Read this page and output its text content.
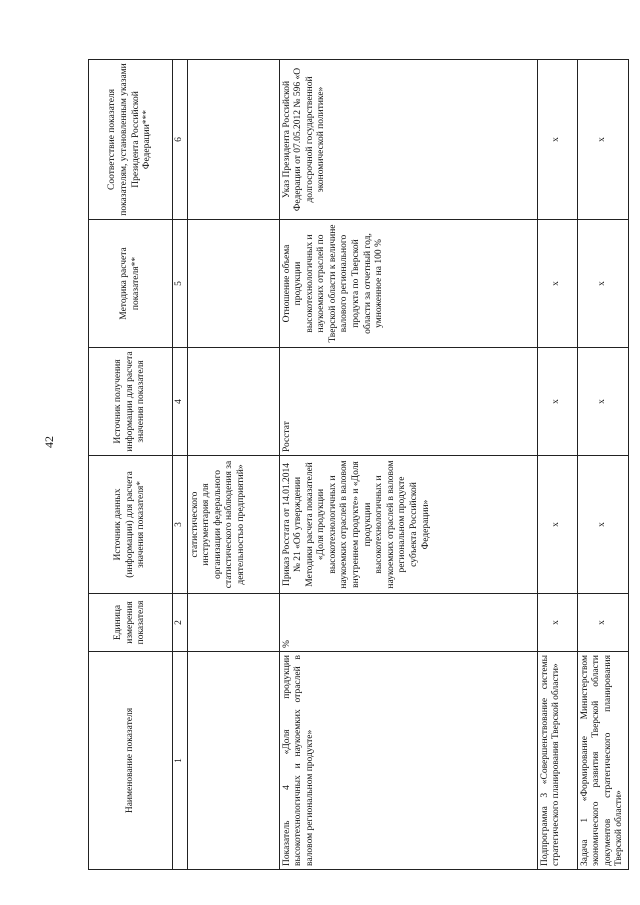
42
Наименование показателя	Единица измерения показателя	Источник данных (информации) для расчета значения показателя*	Источник получения информации для расчета значения показателя	Методика расчета показателя**	Соответствие показателя показателям, установленным указами Президента Российской Федерации***
1	2	3	4	5	6
		статистического инструментария для организации федерального статистического наблюдения за деятельностью предприятий»			
Показатель 4 «Доля продукции высокотехнологичных и наукоемких отраслей в валовом региональном продукте»	%	Приказ Росстата от 14.01.2014 № 21 «Об утверждении Методики расчета показателей «Доля продукции высокотехнологичных и наукоемких отраслей в валовом внутреннем продукте» и «Доля продукции высокотехнологичных и наукоемких отраслей в валовом региональном продукте субъекта Российской Федерации»	Росстат	Отношение объема продукции высокотехнологичных и наукоемких отраслей по Тверской области к величине валового регионального продукта по Тверской области за отчетный год, умноженное на 100 %	Указ Президента Российской Федерации от 07.05.2012 № 596 «О долгосрочной государственной экономической политике»
Подпрограмма 3 «Совершенствование системы стратегического планирования Тверской области»	х	х	х	х	х
Задача 1 «Формирование Министерством экономического развития Тверской области документов стратегического планирования Тверской области»	х	х	х	х	х
